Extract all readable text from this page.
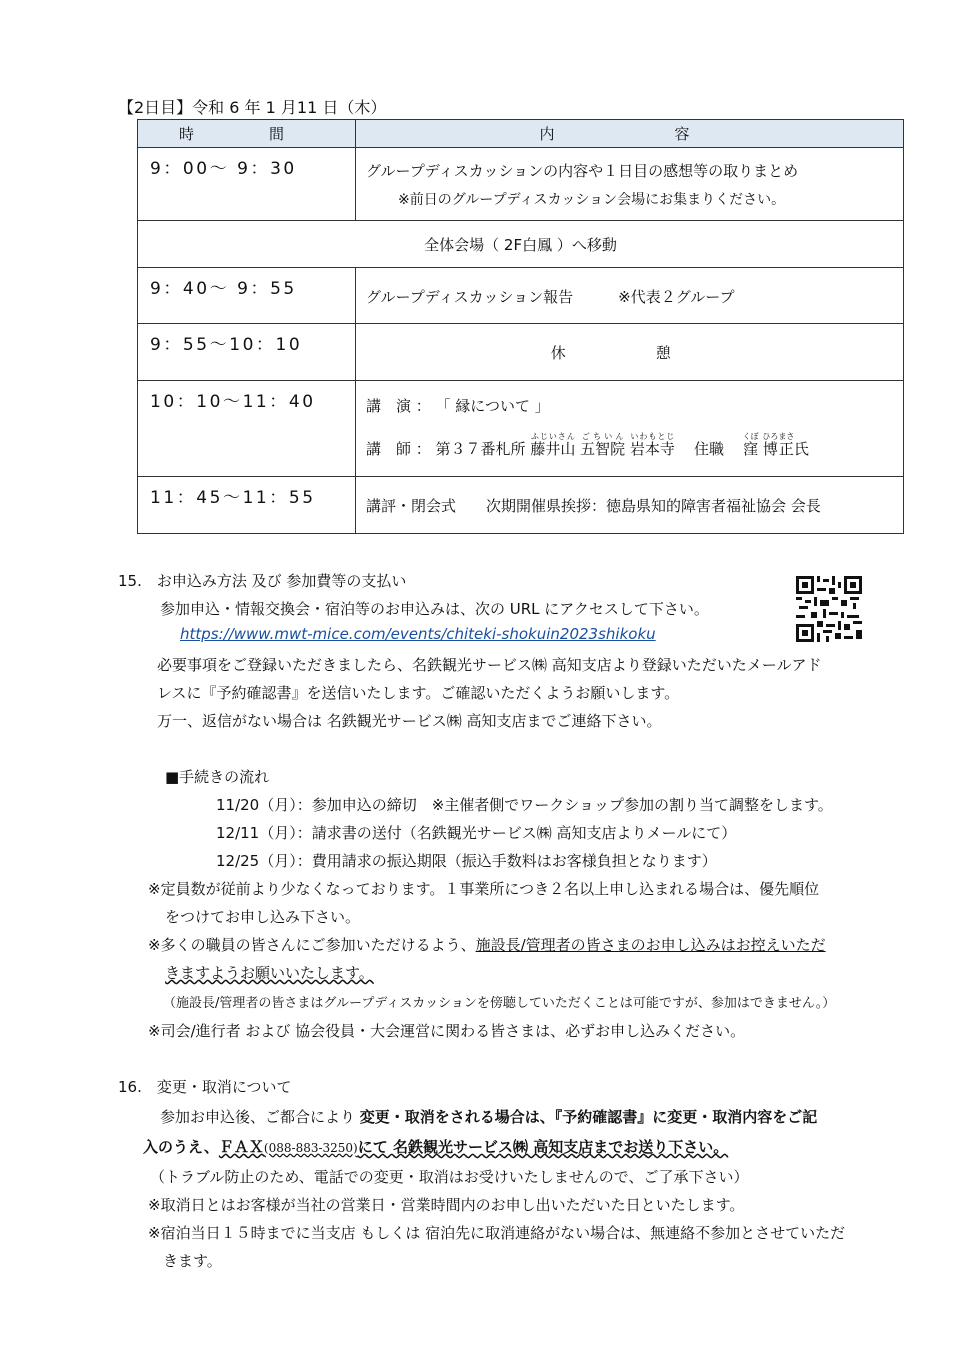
【2日目】令和 6 年 1 月11 日（木）
時　間	内　　容
9：00～ 9：30	グループディスカッションの内容や１日目の感想等の取りまとめ
※前日のグループディスカッション会場にお集まりください。

全体会場（ 2F白鳳 ）へ移動	
9：40～ 9：55	グループディスカッション報告　　　※代表２グループ
9：55～10：10	休　憩
10：10～11：40	講　演 ： 「 縁について 」
講　師 ： 第３７番札所 藤井山ふじいさん 五智院ごちいん 岩本寺いわもとじ    住職 窪くぼ 博正ひろまさ氏

11：45～11：55	講評・閉会式　　次期開催県挨拶：徳島県知的障害者福祉協会 会長
15.　お申込み方法 及び 参加費等の支払い
参加申込・情報交換会・宿泊等のお申込みは、次の URL にアクセスして下さい。
https://www.mwt-mice.com/events/chiteki-shokuin2023shikoku
必要事項をご登録いただきましたら、名鉄観光サービス㈱ 高知支店より登録いただいたメールアド
レスに『予約確認書』を送信いたします。ご確認いただくようお願いします。
万一、返信がない場合は 名鉄観光サービス㈱ 高知支店までご連絡下さい。
■手続きの流れ
11/20（月）：参加申込の締切　※主催者側でワークショップ参加の割り当て調整をします。
12/11（月）：請求書の送付（名鉄観光サービス㈱ 高知支店よりメールにて）
12/25（月）：費用請求の振込期限（振込手数料はお客様負担となります）
※定員数が従前より少なくなっております。１事業所につき２名以上申し込まれる場合は、優先順位
をつけてお申し込み下さい。
※多くの職員の皆さんにご参加いただけるよう、施設長/管理者の皆さまのお申し込みはお控えいただ
きますようお願いいたします。
（施設長/管理者の皆さまはグループディスカッションを傍聴していただくことは可能ですが、参加はできません。）
※司会/進行者 および 協会役員・大会運営に関わる皆さまは、必ずお申し込みください。
16.　変更・取消について
参加お申込後、ご都合により 変更・取消をされる場合は、『予約確認書』に変更・取消内容をご記
入のうえ、ＦＡＸ(088-883-3250)にて 名鉄観光サービス㈱ 高知支店までお送り下さい。
（トラブル防止のため、電話での変更・取消はお受けいたしませんので、ご了承下さい）
※取消日とはお客様が当社の営業日・営業時間内のお申し出いただいた日といたします。
※宿泊当日１５時までに当支店 もしくは 宿泊先に取消連絡がない場合は、無連絡不参加とさせていただ
きます。
